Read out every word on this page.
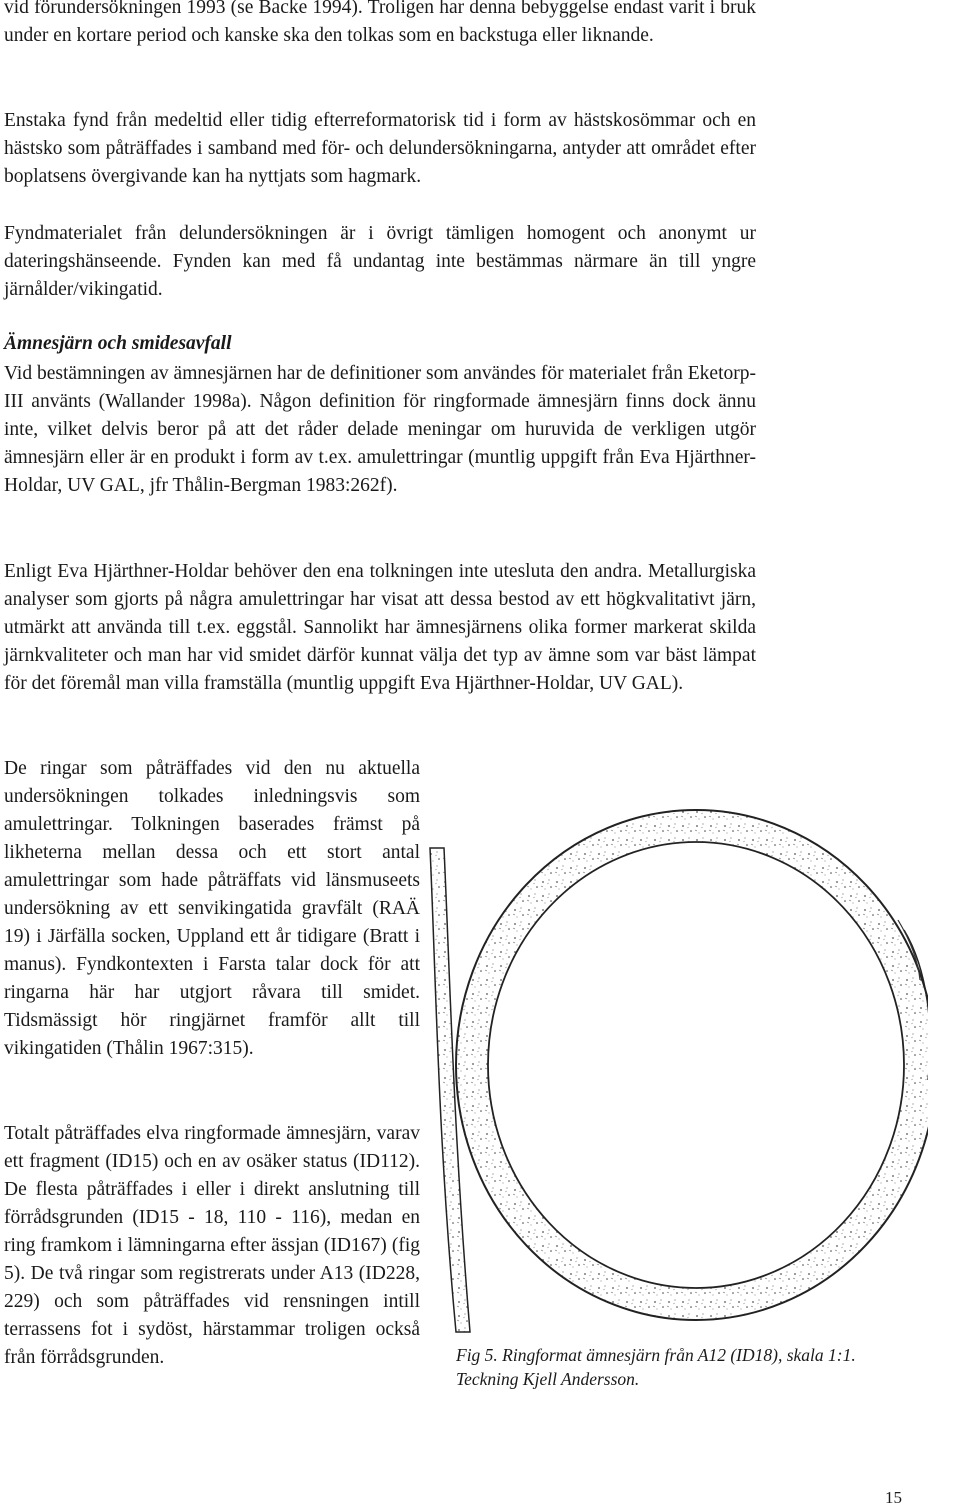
vid förundersökningen 1993 (se Backe 1994). Troligen har denna bebyggelse endast varit i bruk under en kortare period och kanske ska den tolkas som en backstuga eller liknande.

Enstaka fynd från medeltid eller tidig efterreformatorisk tid i form av hästskosömmar och en hästsko som påträffades i samband med för- och delundersökningarna, antyder att området efter boplatsens övergivande kan ha nyttjats som hagmark.

Fyndmaterialet från delundersökningen är i övrigt tämligen homogent och anonymt ur dateringshänseende. Fynden kan med få undantag inte bestämmas närmare än till yngre järnålder/vikingatid.

Ämnesjärn och smidesavfall

Vid bestämningen av ämnesjärnen har de definitioner som användes för materialet från Eketorp-III använts (Wallander 1998a). Någon definition för ringformade ämnesjärn finns dock ännu inte, vilket delvis beror på att det råder delade meningar om huruvida de verkligen utgör ämnesjärn eller är en produkt i form av t.ex. amulettringar (muntlig uppgift från Eva Hjärthner-Holdar, UV GAL, jfr Thålin-Bergman 1983:262f).

Enligt Eva Hjärthner-Holdar behöver den ena tolkningen inte utesluta den andra. Metallurgiska analyser som gjorts på några amulettringar har visat att dessa bestod av ett högkvalitativt järn, utmärkt att använda till t.ex. eggstål. Sannolikt har ämnesjärnens olika former markerat skilda järnkvaliteter och man har vid smidet därför kunnat välja det typ av ämne som var bäst lämpat för det föremål man villa framställa (muntlig uppgift Eva Hjärthner-Holdar, UV GAL).

De ringar som påträffades vid den nu aktuella undersökningen tolkades inledningsvis som amulettringar. Tolkningen baserades främst på likheterna mellan dessa och ett stort antal amulettringar som hade påträffats vid länsmuseets undersökning av ett senvikingatida gravfält (RAÄ 19) i Järfälla socken, Uppland ett år tidigare (Bratt i manus). Fyndkontexten i Farsta talar dock för att ringarna här har utgjort råvara till smidet. Tidsmässigt hör ringjärnet framför allt till vikingatiden (Thålin 1967:315).

Totalt påträffades elva ringformade ämnesjärn, varav ett fragment (ID15) och en av osäker status (ID112). De flesta påträffades i eller i direkt anslutning till förrådsgrunden (ID15 - 18, 110 - 116), medan en ring framkom i lämningarna efter ässjan (ID167) (fig 5). De två ringar som registrerats under A13 (ID228, 229) och som påträffades vid rensningen intill terrassens fot i sydöst, härstammar troligen också från förrådsgrunden.	Fig 5. Ringformat ämnesjärn från A12 (ID18), skala 1:1.
Teckning Kjell Andersson.

15
